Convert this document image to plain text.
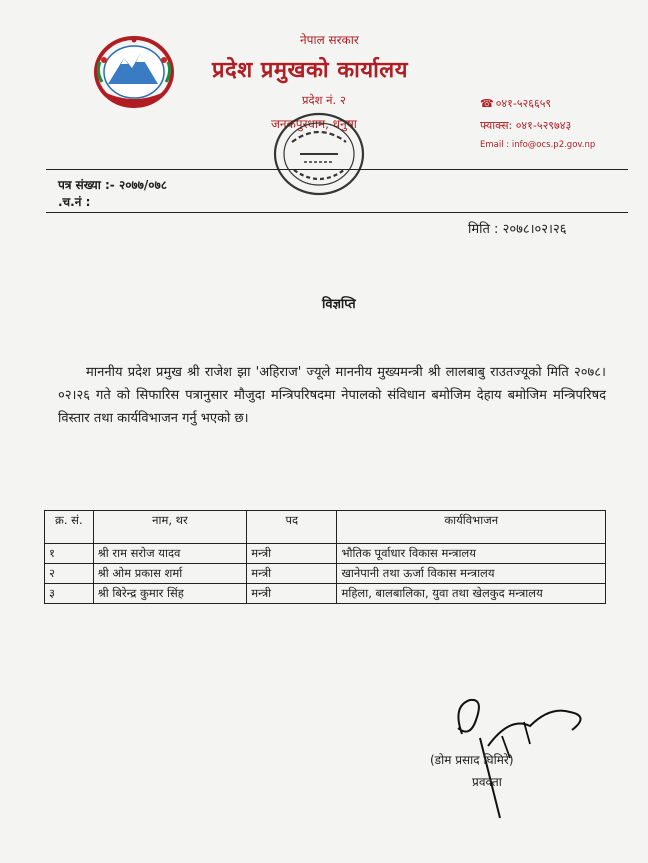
नेपाल सरकार
प्रदेश प्रमुखको कार्यालय
प्रदेश नं. २
जनकपुरधाम, धनुषा
☎ ०४१-५२६६५९
फ्याक्स: ०४१-५२९७४३
Email : info@ocs.p2.gov.np
पत्र संख्या :- २०७७/०७८
.च.नं :
मिति : २०७८।०२।२६
विज्ञप्ति
माननीय प्रदेश प्रमुख श्री राजेश झा 'अहिराज' ज्यूले माननीय मुख्यमन्त्री श्री लालबाबु राउतज्यूको मिति २०७८।०२।२६ गते को सिफारिस पत्रानुसार मौजुदा मन्त्रिपरिषदमा नेपालको संविधान बमोजिम देहाय बमोजिम मन्त्रिपरिषद विस्तार तथा कार्यविभाजन गर्नु भएको छ।
क्र. सं.	नाम, थर	पद	कार्यविभाजन
१	श्री राम सरोज यादव	मन्त्री	भौतिक पूर्वाधार विकास मन्त्रालय
२	श्री ओम प्रकास शर्मा	मन्त्री	खानेपानी तथा ऊर्जा विकास मन्त्रालय
३	श्री बिरेन्द्र कुमार सिंह	मन्त्री	महिला, बालबालिका, युवा तथा खेलकुद मन्त्रालय
(डोम प्रसाद घिमिरे)
प्रवक्ता
